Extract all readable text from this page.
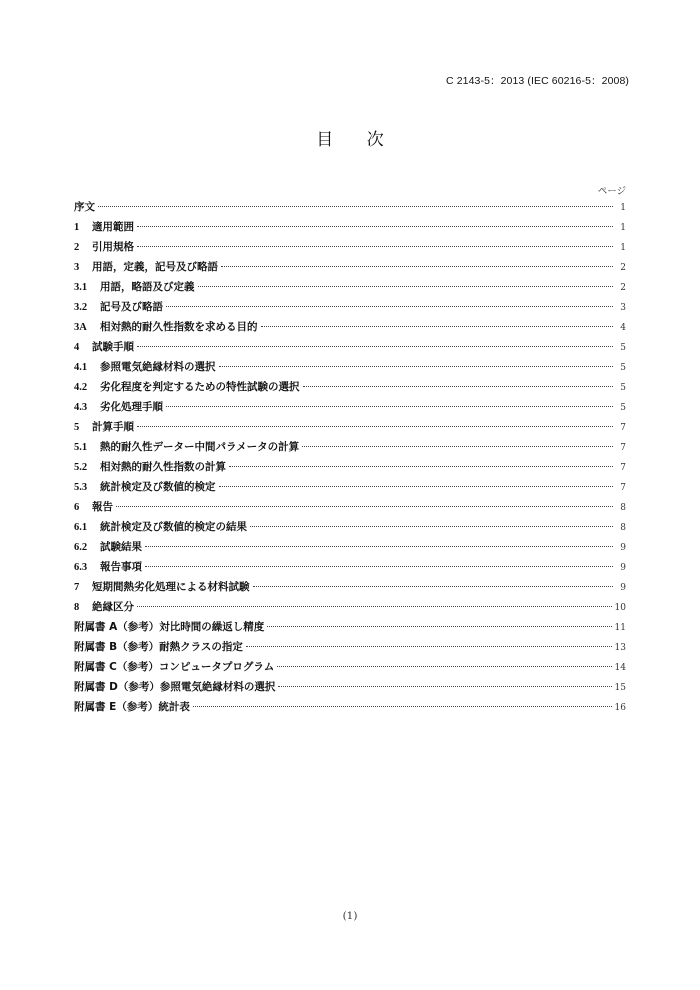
C 2143-5：2013 (IEC 60216-5：2008)
目 次
ページ
序文	1
1	適用範囲	1
2	引用規格	1
3	用語，定義，記号及び略語	2
3.1	用語，略語及び定義	2
3.2	記号及び略語	3
3A	相対熱的耐久性指数を求める目的	4
4	試験手順	5
4.1	参照電気絶縁材料の選択	5
4.2	劣化程度を判定するための特性試験の選択	5
4.3	劣化処理手順	5
5	計算手順	7
5.1	熱的耐久性データー中間パラメータの計算	7
5.2	相対熱的耐久性指数の計算	7
5.3	統計検定及び数値的検定	7
6	報告	8
6.1	統計検定及び数値的検定の結果	8
6.2	試験結果	9
6.3	報告事項	9
7	短期間熱劣化処理による材料試験	9
8	絶縁区分	10
附属書 A（参考）対比時間の繰返し精度	11
附属書 B（参考）耐熱クラスの指定	13
附属書 C（参考）コンピュータプログラム	14
附属書 D（参考）参照電気絶縁材料の選択	15
附属書 E（参考）統計表	16
(1)
